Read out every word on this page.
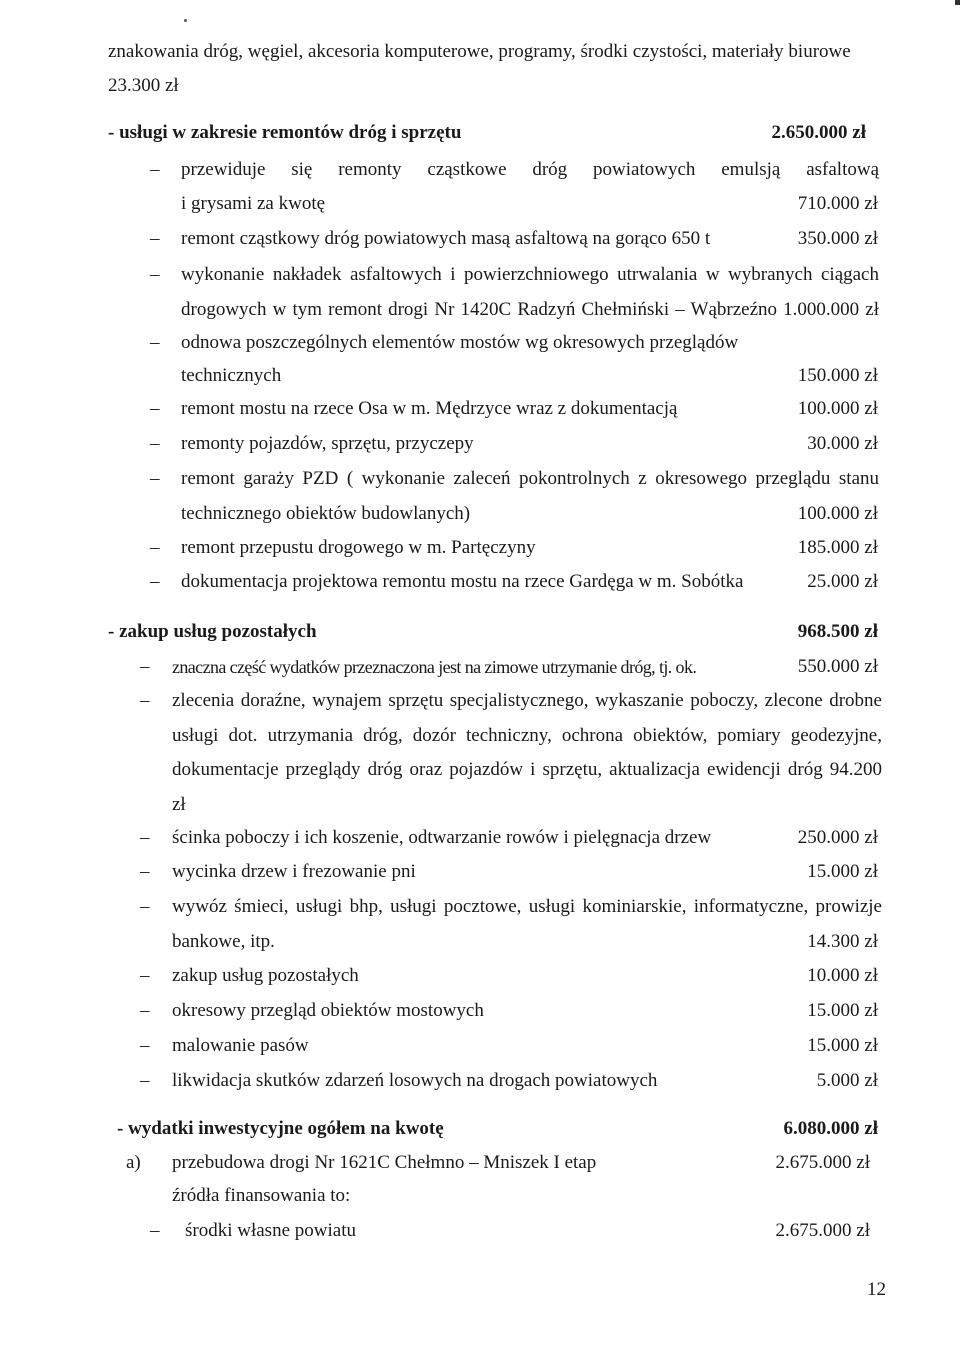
znakowania dróg, węgiel, akcesoria komputerowe, programy, środki czystości, materiały biurowe
23.300 zł
- usługi w zakresie remontów dróg i sprzętu	2.650.000 zł
– przewiduje się remonty cząstkowe dróg powiatowych emulsją asfaltową
i grysami za kwotę	710.000 zł
– remont cząstkowy dróg powiatowych masą asfaltową na gorąco 650 t	350.000 zł
– wykonanie nakładek asfaltowych i powierzchniowego utrwalania w wybranych ciągach
drogowych w tym remont drogi Nr 1420C Radzyń Chełmiński – Wąbrzeźno 1.000.000 zł
– odnowa poszczególnych elementów mostów wg okresowych przeglądów
technicznych	150.000 zł
– remont mostu na rzece Osa w m. Mędrzyce wraz z dokumentacją	100.000 zł
– remonty pojazdów, sprzętu, przyczepy	30.000 zł
– remont garaży PZD ( wykonanie zaleceń pokontrolnych z okresowego przeglądu stanu
technicznego obiektów budowlanych)	100.000 zł
– remont przepustu drogowego w m. Partęczyny	185.000 zł
– dokumentacja projektowa remontu mostu na rzece Gardęga w m. Sobótka	25.000 zł
- zakup usług pozostałych	968.500 zł
– znaczna część wydatków przeznaczona jest na zimowe utrzymanie dróg, tj. ok.	550.000 zł
– zlecenia doraźne, wynajem sprzętu specjalistycznego, wykaszanie poboczy, zlecone drobne
usługi dot. utrzymania dróg, dozór techniczny, ochrona obiektów, pomiary geodezyjne,
dokumentacje przeglądy dróg oraz pojazdów i sprzętu, aktualizacja ewidencji dróg 94.200
zł
– ścinka poboczy i ich koszenie, odtwarzanie rowów i pielęgnacja drzew	250.000 zł
– wycinka drzew i frezowanie pni	15.000 zł
– wywóz śmieci, usługi bhp, usługi pocztowe, usługi kominiarskie, informatyczne, prowizje
bankowe, itp.	14.300 zł
– zakup usług pozostałych	10.000 zł
– okresowy przegląd obiektów mostowych	15.000 zł
– malowanie pasów	15.000 zł
– likwidacja skutków zdarzeń losowych na drogach powiatowych	5.000 zł
- wydatki inwestycyjne ogółem na kwotę	6.080.000 zł
a) przebudowa drogi Nr 1621C Chełmno – Mniszek I etap	2.675.000 zł
źródła finansowania to:
– środki własne powiatu	2.675.000 zł
12
